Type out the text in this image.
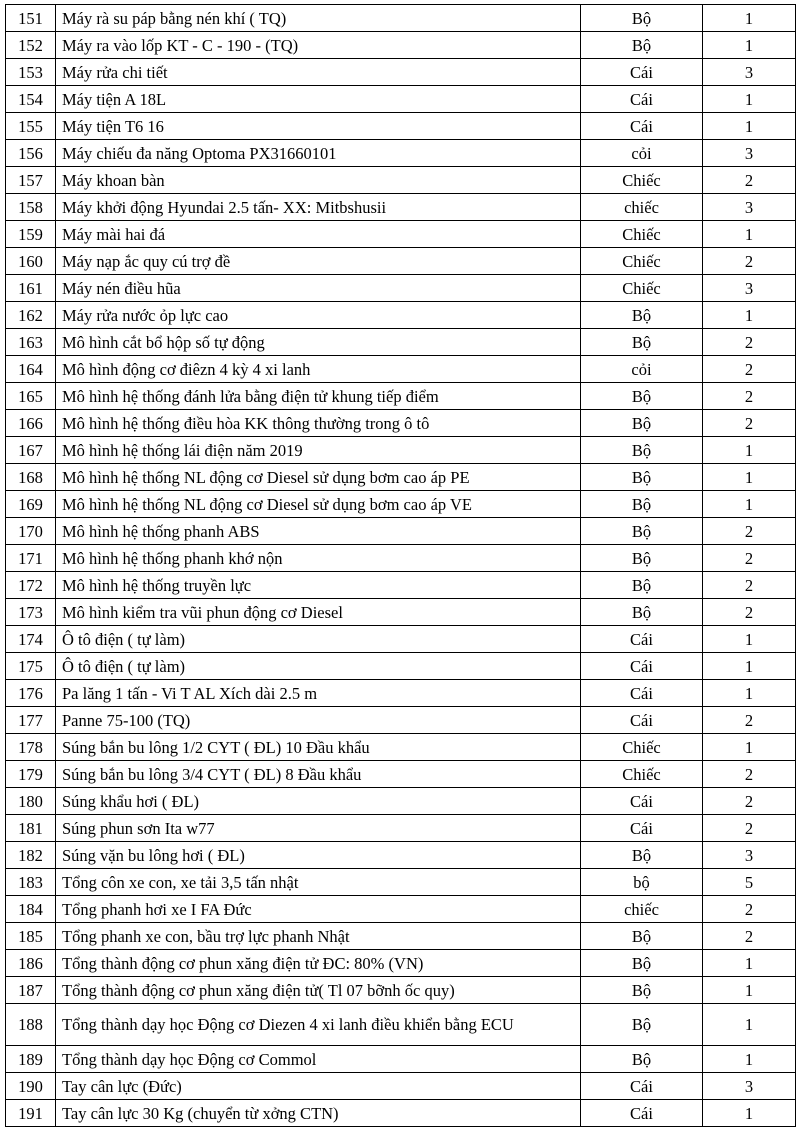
151	Máy rà su páp bằng nén khí ( TQ)	Bộ	1
152	Máy ra vào lốp KT - C - 190 - (TQ)	Bộ	1
153	Máy rửa chi tiết	Cái	3
154	Máy tiện A 18L	Cái	1
155	Máy tiện T6 16	Cái	1
156	Máy chiếu đa năng Optoma PX31660101	cỏi	3
157	Máy khoan bàn	Chiếc	2
158	Máy khởi động Hyundai 2.5 tấn- XX: Mitbshusii	chiếc	3
159	Máy mài hai đá	Chiếc	1
160	Máy nạp ắc quy cú trợ đề	Chiếc	2
161	Máy nén điều hũa	Chiếc	3
162	Máy rửa nước ỏp lực cao	Bộ	1
163	Mô hình cắt bổ hộp số tự động	Bộ	2
164	Mô hình động cơ điêzn 4 kỳ 4 xi lanh	cỏi	2
165	Mô hình hệ thống đánh lửa bằng điện tử khung tiếp điểm	Bộ	2
166	Mô hình hệ thống điều hòa KK thông thường trong ô tô	Bộ	2
167	Mô hình hệ thống lái điện năm 2019	Bộ	1
168	Mô hình hệ thống NL động cơ Diesel sử dụng bơm cao áp PE	Bộ	1
169	Mô hình hệ thống NL động cơ Diesel sử dụng bơm cao áp VE	Bộ	1
170	Mô hình hệ thống phanh ABS	Bộ	2
171	Mô hình hệ thống phanh khớ nộn	Bộ	2
172	Mô hình hệ thống truyền lực	Bộ	2
173	Mô hình kiểm tra vũi phun động cơ Diesel	Bộ	2
174	Ô tô điện ( tự làm)	Cái	1
175	Ô tô điện ( tự làm)	Cái	1
176	Pa lăng 1 tấn - Vi T AL Xích dài 2.5 m	Cái	1
177	Panne 75-100 (TQ)	Cái	2
178	Súng bắn bu lông 1/2 CYT ( ĐL) 10 Đầu khẩu	Chiếc	1
179	Súng bắn bu lông 3/4 CYT ( ĐL) 8 Đầu khẩu	Chiếc	2
180	Súng khẩu hơi ( ĐL)	Cái	2
181	Súng phun sơn Ita w77	Cái	2
182	Súng vặn bu lông hơi ( ĐL)	Bộ	3
183	Tổng côn xe con, xe tải 3,5 tấn nhật	bộ	5
184	Tổng phanh hơi xe I FA Đức	chiếc	2
185	Tổng phanh xe con, bầu trợ lực phanh Nhật	Bộ	2
186	Tổng thành động cơ phun xăng điện tử ĐC: 80% (VN)	Bộ	1
187	Tổng thành động cơ phun xăng điện tử( Tl 07 bỡnh ốc quy)	Bộ	1
188	Tổng thành dạy học Động cơ Diezen 4 xi lanh điều khiển bằng ECU	Bộ	1
189	Tổng thành dạy học Động cơ Commol	Bộ	1
190	Tay cân lực (Đức)	Cái	3
191	Tay cân lực 30 Kg (chuyển từ xởng CTN)	Cái	1
